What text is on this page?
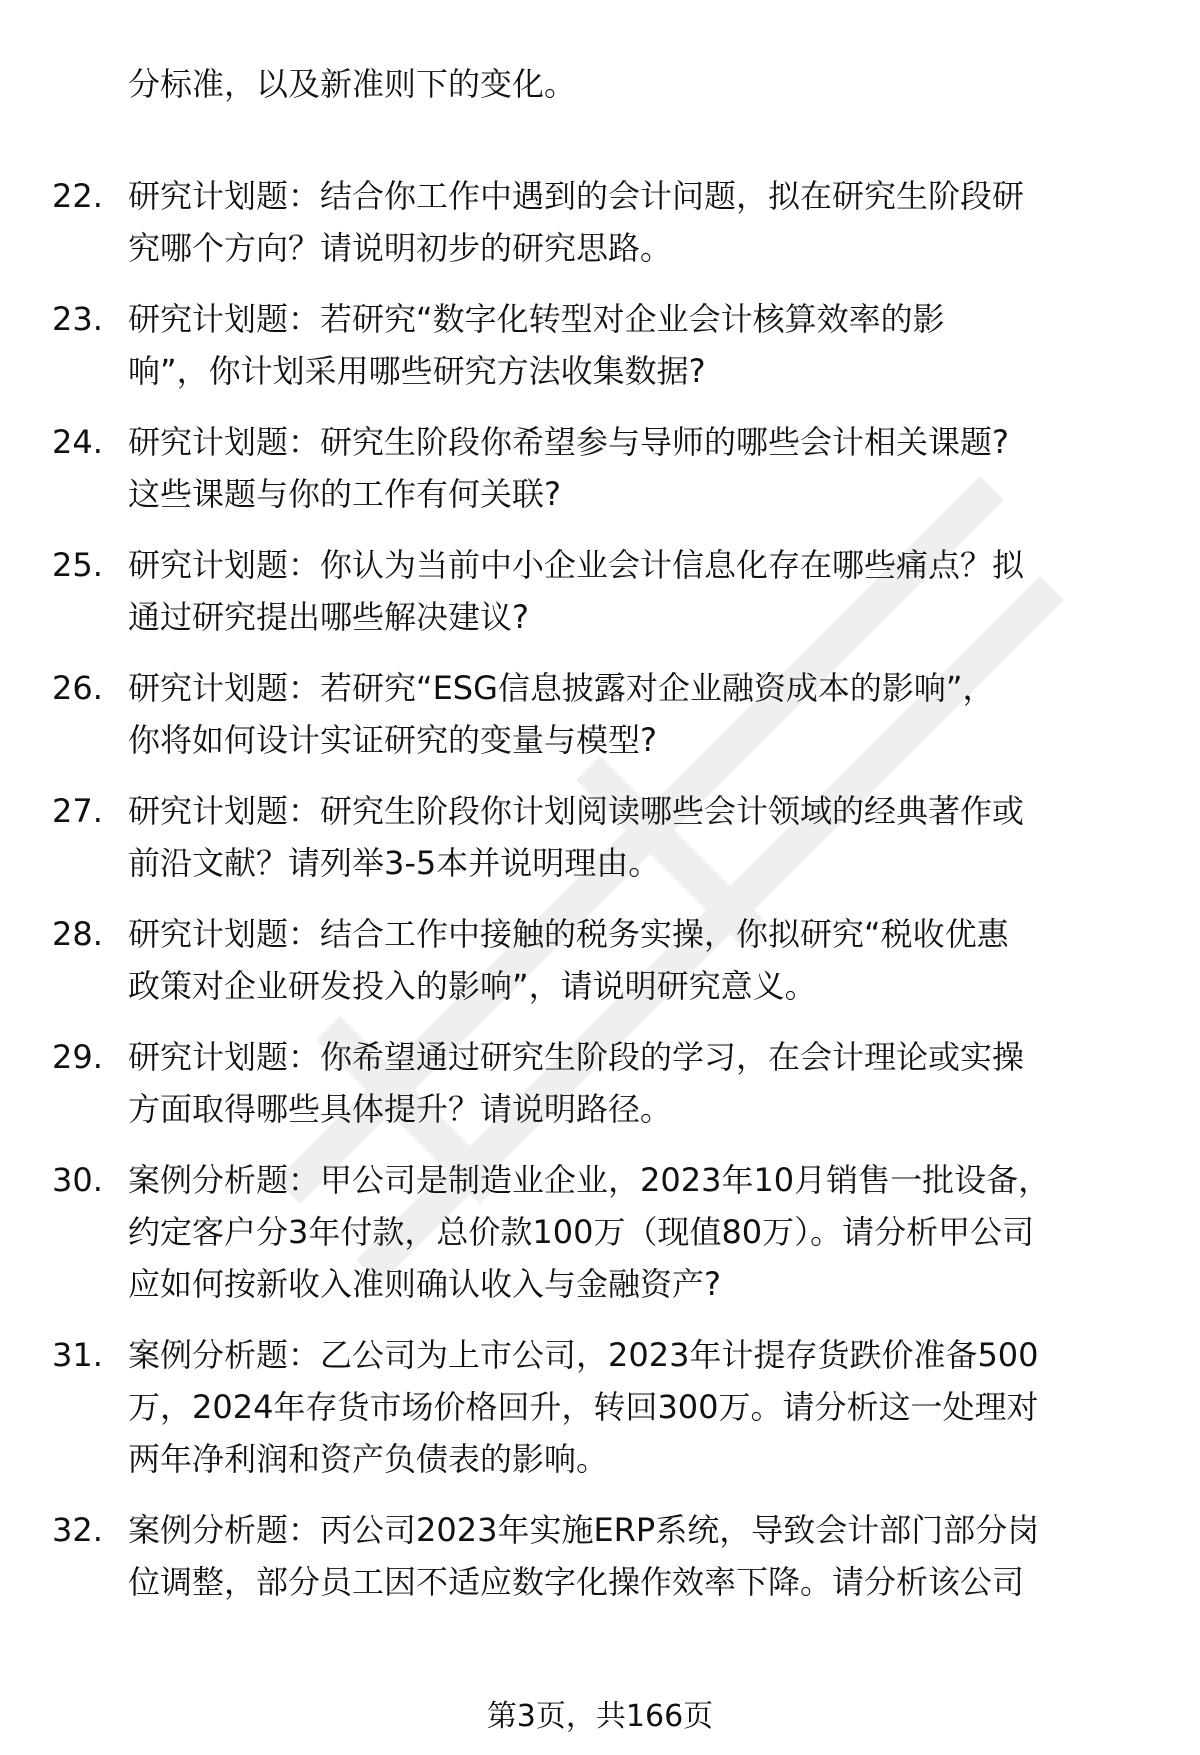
分标准，以及新准则下的变化。
22. 研究计划题：结合你工作中遇到的会计问题，拟在研究生阶段研
究哪个方向？请说明初步的研究思路。
23. 研究计划题：若研究“数字化转型对企业会计核算效率的影
响”，你计划采用哪些研究方法收集数据?
24. 研究计划题：研究生阶段你希望参与导师的哪些会计相关课题?
这些课题与你的工作有何关联?
25. 研究计划题：你认为当前中小企业会计信息化存在哪些痛点？拟
通过研究提出哪些解决建议?
26. 研究计划题：若研究“ESG信息披露对企业融资成本的影响”，
你将如何设计实证研究的变量与模型?
27. 研究计划题：研究生阶段你计划阅读哪些会计领域的经典著作或
前沿文献？请列举3-5本并说明理由。
28. 研究计划题：结合工作中接触的税务实操，你拟研究“税收优惠
政策对企业研发投入的影响”，请说明研究意义。
29. 研究计划题：你希望通过研究生阶段的学习，在会计理论或实操
方面取得哪些具体提升？请说明路径。
30. 案例分析题：甲公司是制造业企业，2023年10月销售一批设备，
约定客户分3年付款，总价款100万（现值80万）。请分析甲公司
应如何按新收入准则确认收入与金融资产?
31. 案例分析题：乙公司为上市公司，2023年计提存货跌价准备500
万，2024年存货市场价格回升，转回300万。请分析这一处理对
两年净利润和资产负债表的影响。
32. 案例分析题：丙公司2023年实施ERP系统，导致会计部门部分岗
位调整，部分员工因不适应数字化操作效率下降。请分析该公司
第3页，共166页
